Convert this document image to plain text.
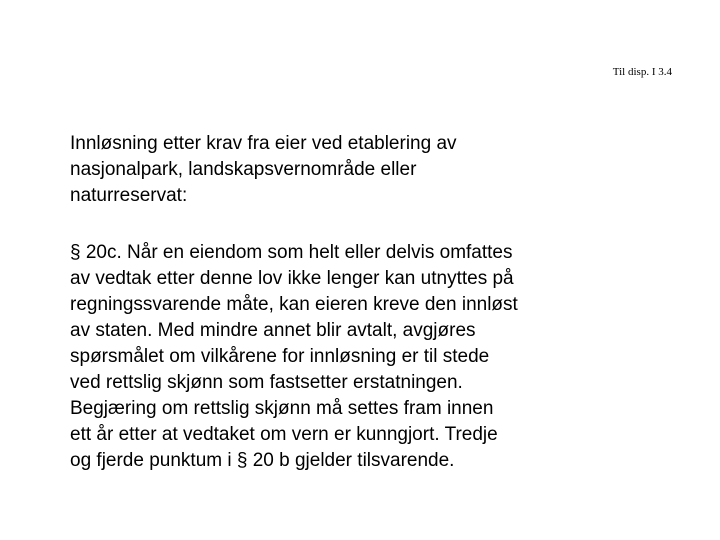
Til disp. I 3.4
Innløsning etter krav fra eier ved etablering av
nasjonalpark, landskapsvernområde eller
naturreservat:

§ 20c. Når en eiendom som helt eller delvis omfattes
av vedtak etter denne lov ikke lenger kan utnyttes på
regningssvarende måte, kan eieren kreve den innløst
av staten. Med mindre annet blir avtalt, avgjøres
spørsmålet om vilkårene for innløsning er til stede
ved rettslig skjønn som fastsetter erstatningen.
Begjæring om rettslig skjønn må settes fram innen
ett år etter at vedtaket om vern er kunngjort. Tredje
og fjerde punktum i § 20 b gjelder tilsvarende.
